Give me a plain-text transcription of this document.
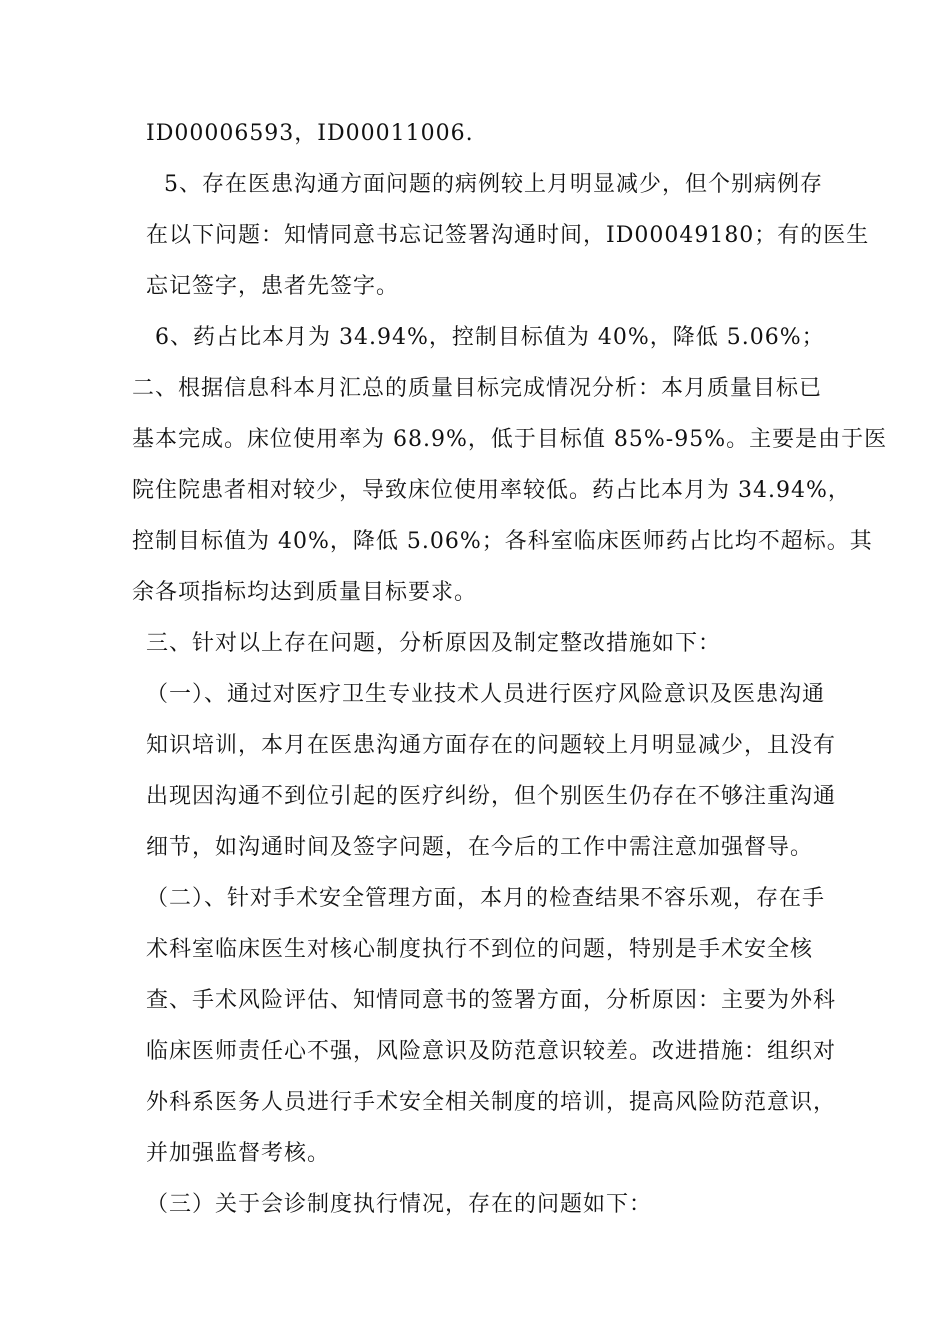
ID00006593，ID00011006.
5、存在医患沟通方面问题的病例较上月明显减少，但个别病例存
在以下问题：知情同意书忘记签署沟通时间，ID00049180；有的医生
忘记签字，患者先签字。
6、药占比本月为 34.94%，控制目标值为 40%，降低 5.06%；
二、根据信息科本月汇总的质量目标完成情况分析：本月质量目标已
基本完成。床位使用率为 68.9%，低于目标值 85%-95%。主要是由于医
院住院患者相对较少，导致床位使用率较低。药占比本月为 34.94%，
控制目标值为 40%，降低 5.06%；各科室临床医师药占比均不超标。其
余各项指标均达到质量目标要求。
三、针对以上存在问题，分析原因及制定整改措施如下：
（一）、通过对医疗卫生专业技术人员进行医疗风险意识及医患沟通
知识培训，本月在医患沟通方面存在的问题较上月明显减少，且没有
出现因沟通不到位引起的医疗纠纷，但个别医生仍存在不够注重沟通
细节，如沟通时间及签字问题，在今后的工作中需注意加强督导。
（二）、针对手术安全管理方面，本月的检查结果不容乐观，存在手
术科室临床医生对核心制度执行不到位的问题，特别是手术安全核
查、手术风险评估、知情同意书的签署方面，分析原因：主要为外科
临床医师责任心不强，风险意识及防范意识较差。改进措施：组织对
外科系医务人员进行手术安全相关制度的培训，提高风险防范意识，
并加强监督考核。
（三）关于会诊制度执行情况，存在的问题如下：
